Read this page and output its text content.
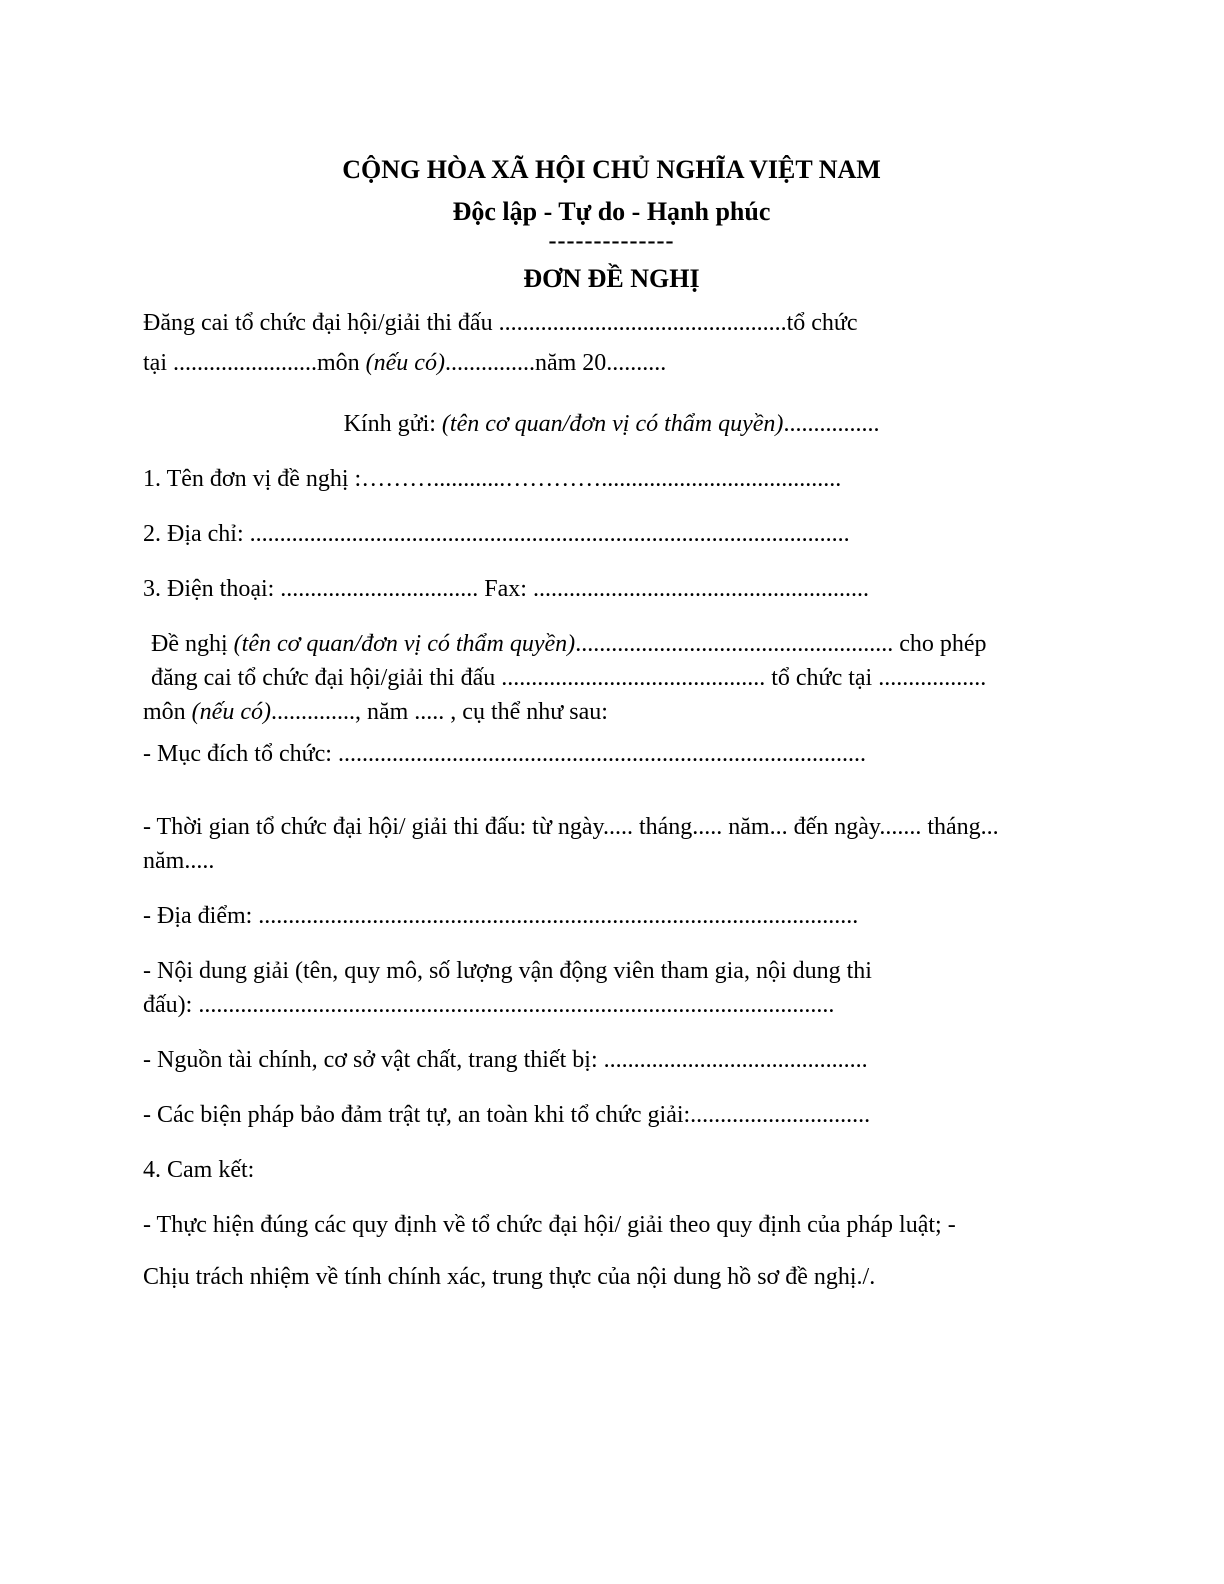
CỘNG HÒA XÃ HỘI CHỦ NGHĨA VIỆT NAM
Độc lập - Tự do - Hạnh phúc
--------------
ĐƠN ĐỀ NGHỊ
Đăng cai tổ chức đại hội/giải thi đấu ................................................tổ chức
tại ........................môn (nếu có)...............năm 20..........
Kính gửi: (tên cơ quan/đơn vị có thẩm quyền)................

1. Tên đơn vị đề nghị :………............…………........................................

2. Địa chỉ: ....................................................................................................

3. Điện thoại: ................................. Fax: ........................................................

Đề nghị (tên cơ quan/đơn vị có thẩm quyền)..................................................... cho phép
đăng cai tổ chức đại hội/giải thi đấu ............................................ tổ chức tại ..................
môn (nếu có).............., năm ..... , cụ thể như sau:

- Mục đích tổ chức: ........................................................................................

- Thời gian tổ chức đại hội/ giải thi đấu: từ ngày..... tháng..... năm... đến ngày....... tháng...
năm.....

- Địa điểm: ....................................................................................................

- Nội dung giải (tên, quy mô, số lượng vận động viên tham gia, nội dung thi
đấu): ..........................................................................................................

- Nguồn tài chính, cơ sở vật chất, trang thiết bị: ............................................

- Các biện pháp bảo đảm trật tự, an toàn khi tổ chức giải:..............................

4. Cam kết:

- Thực hiện đúng các quy định về tổ chức đại hội/ giải theo quy định của pháp luật; -

Chịu trách nhiệm về tính chính xác, trung thực của nội dung hồ sơ đề nghị./.
